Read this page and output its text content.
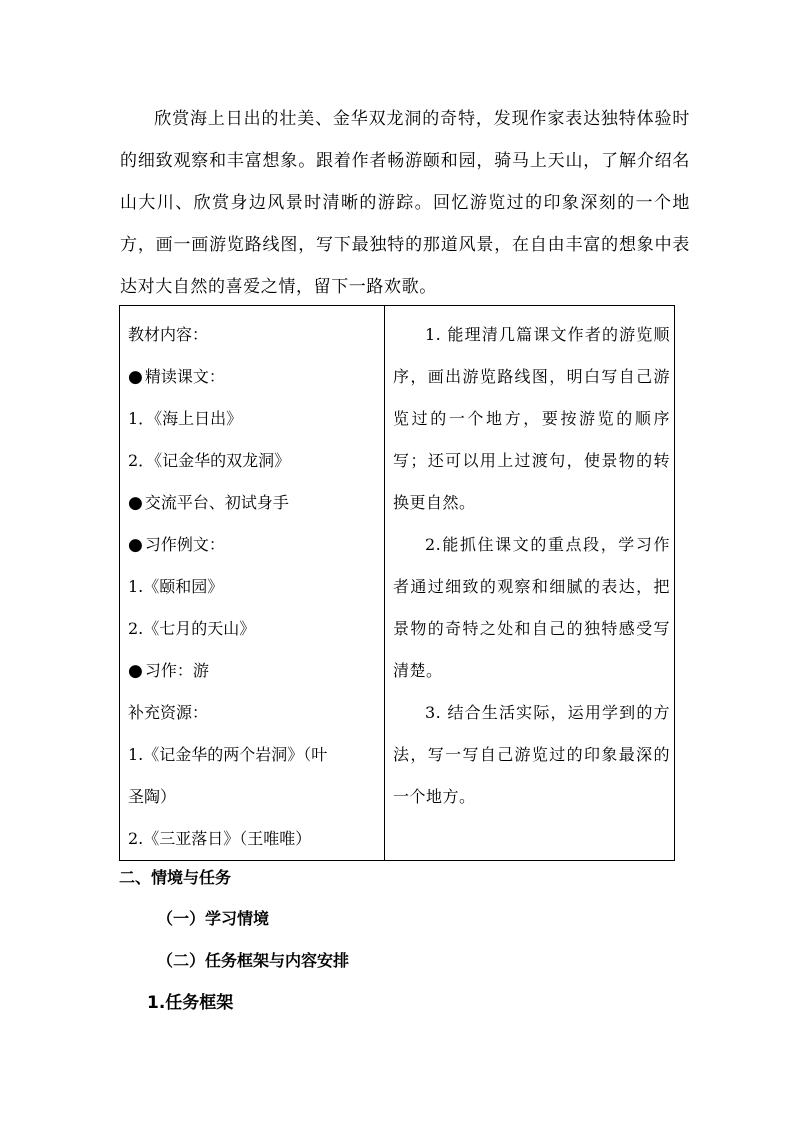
欣赏海上日出的壮美、金华双龙洞的奇特，发现作家表达独特体验时的细致观察和丰富想象。跟着作者畅游颐和园，骑马上天山，了解介绍名山大川、欣赏身边风景时清晰的游踪。回忆游览过的印象深刻的一个地方，画一画游览路线图，写下最独特的那道风景，在自由丰富的想象中表达对大自然的喜爱之情，留下一路欢歌。
教材内容：
● 精读课文：
1．《海上日出》
2．《记金华的双龙洞》
● 交流平台、初试身手
● 习作例文：
1.《颐和园》
2.《七月的天山》
● 习作：游
补充资源：
1.《记金华的两个岩洞》（叶
圣陶）
2.《三亚落日》（王唯唯）

1. 能理清几篇课文作者的游览顺序，画出游览路线图，明白写自己游览过的一个地方，要按游览的顺序写；还可以用上过渡句，使景物的转换更自然。
2.能抓住课文的重点段，学习作者通过细致的观察和细腻的表达，把景物的奇特之处和自己的独特感受写清楚。
3. 结合生活实际，运用学到的方法，写一写自己游览过的印象最深的一个地方。
二、情境与任务
（一）学习情境
（二）任务框架与内容安排
1.任务框架
